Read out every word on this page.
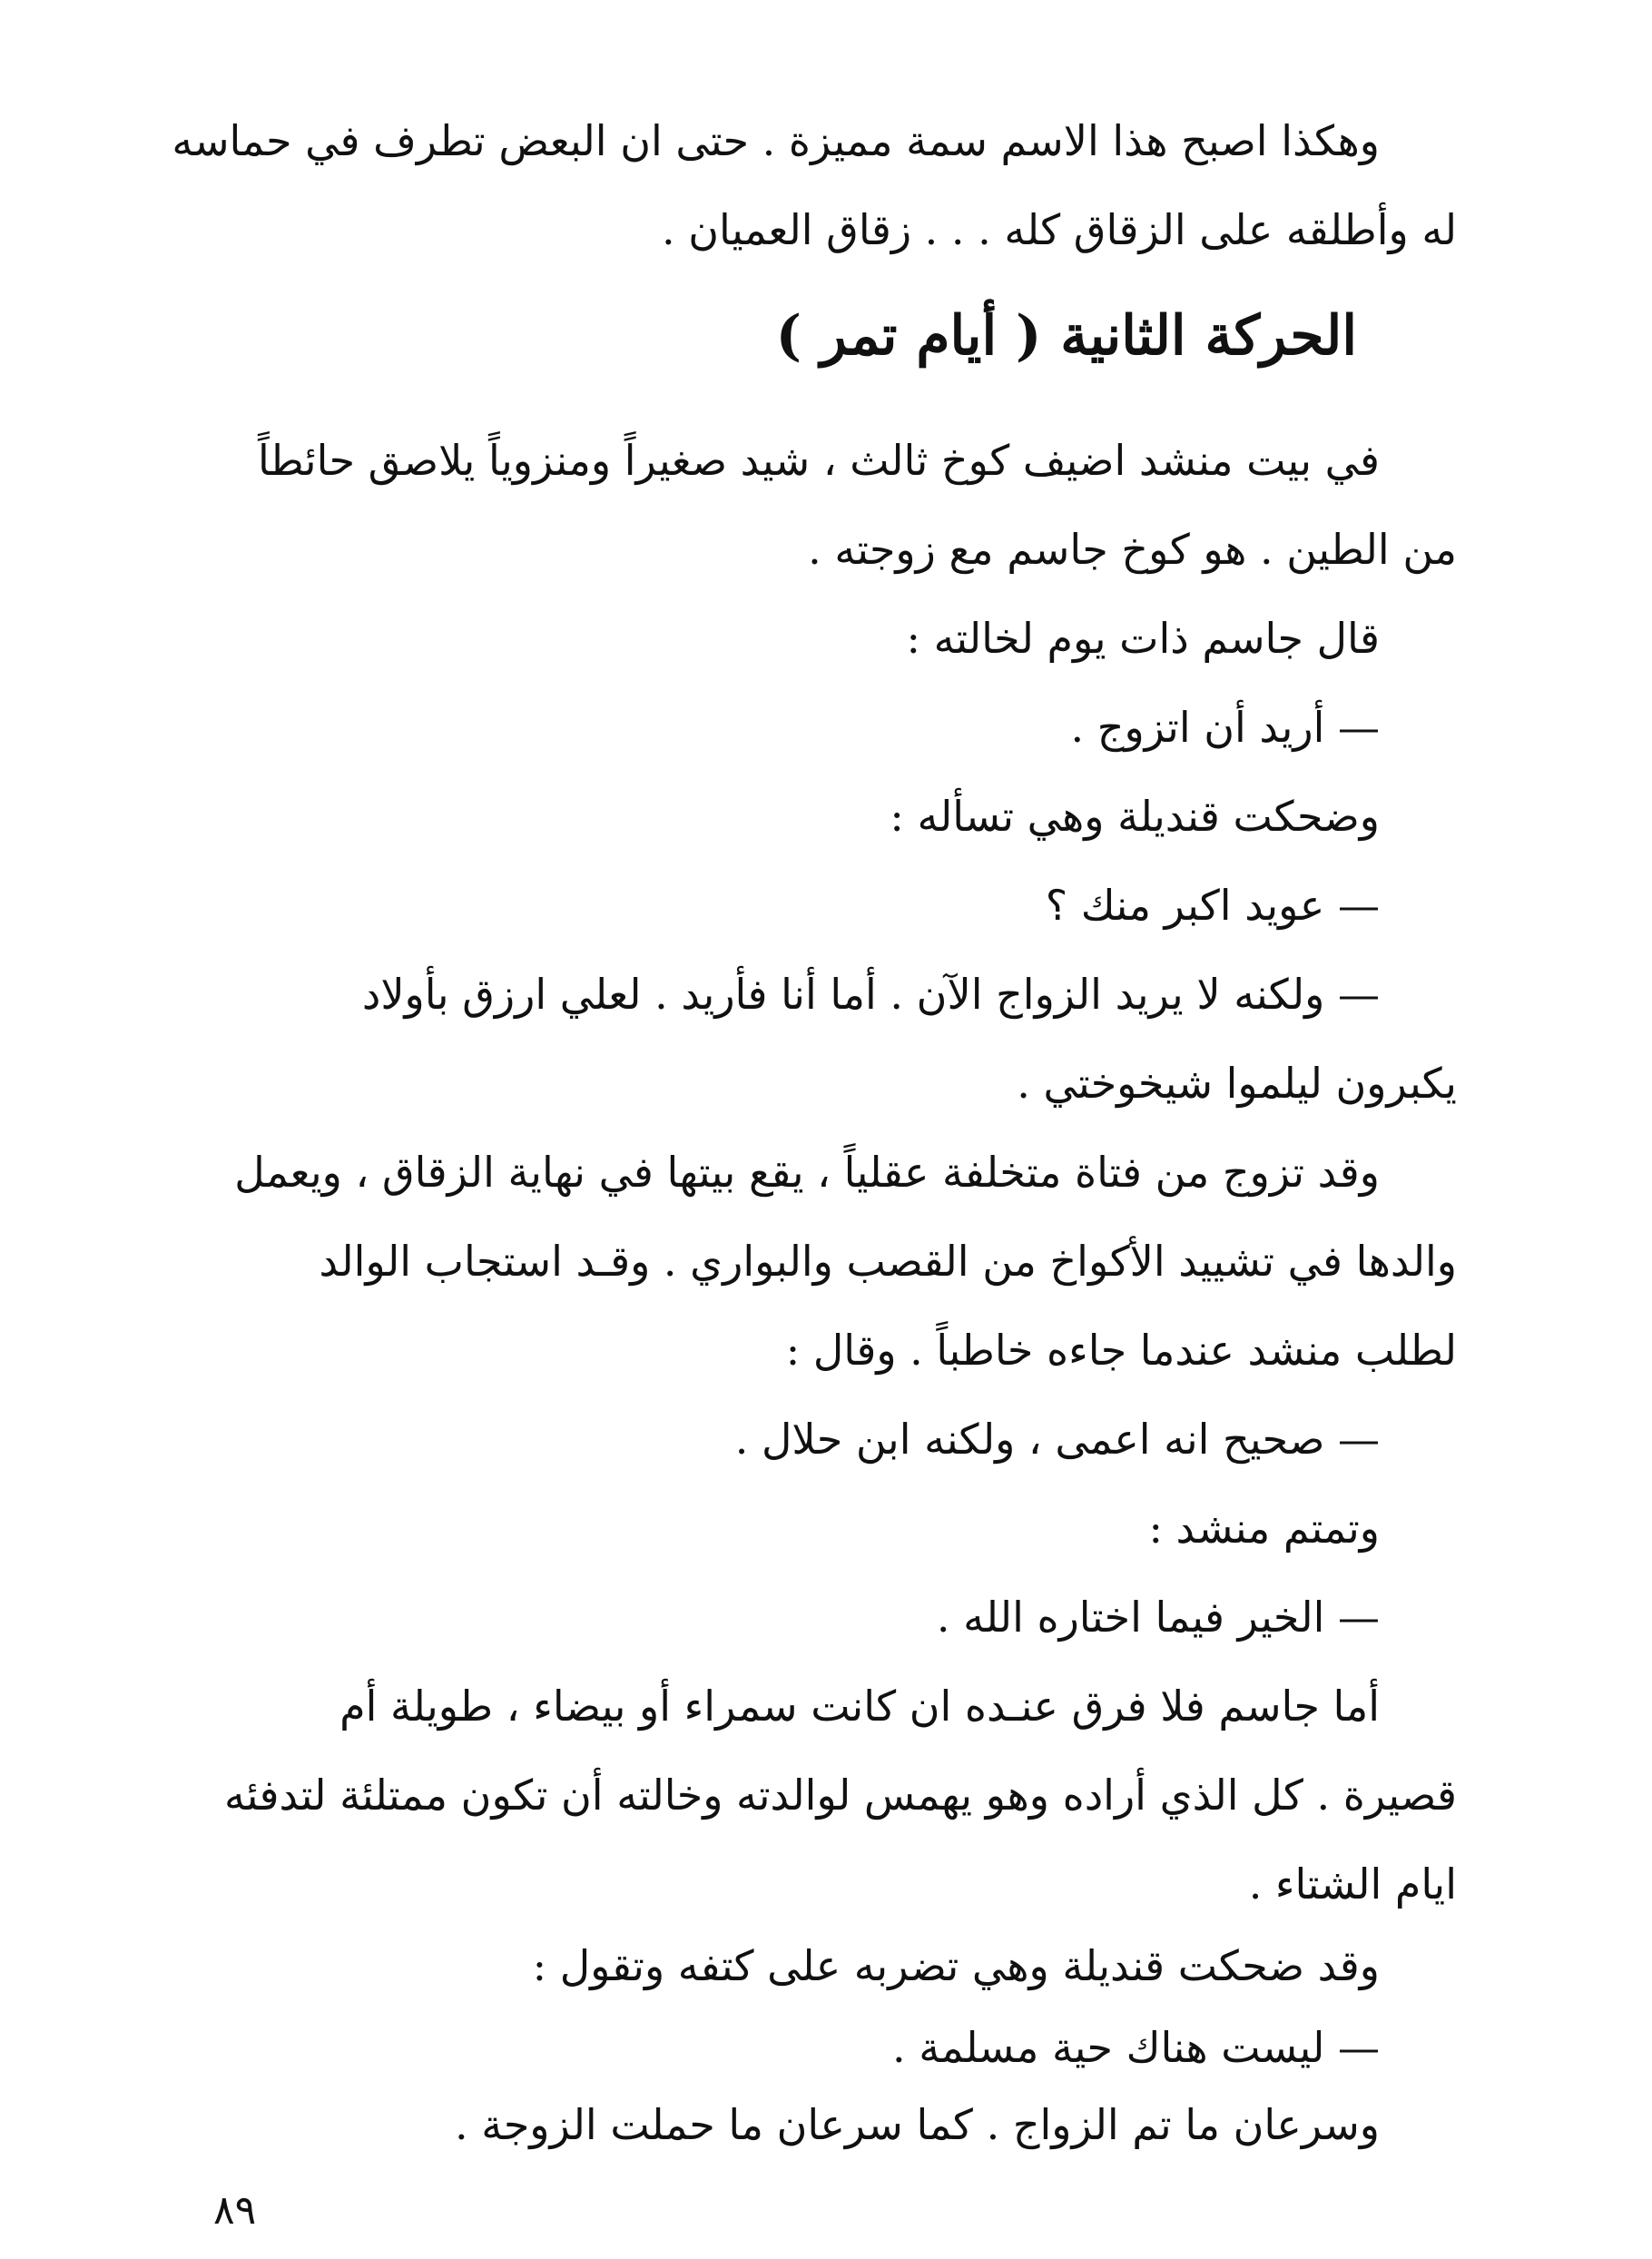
وهكذا اصبح هذا الاسم سمة مميزة . حتى ان البعض تطرف في حماسه
له وأطلقه على الزقاق كله . . . زقاق العميان .
الحركة الثانية ( أيام تمر )
في بيت منشد اضيف كوخ ثالث ، شيد صغيراً ومنزوياً يلاصق حائطاً
من الطين . هو كوخ جاسم مع زوجته .
قال جاسم ذات يوم لخالته :
— أريد أن اتزوج .
وضحكت قنديلة وهي تسأله :
— عويد اكبر منك ؟
— ولكنه لا يريد الزواج الآن . أما أنا فأريد . لعلي ارزق بأولاد
يكبرون ليلموا شيخوختي .
وقد تزوج من فتاة متخلفة عقلياً ، يقع بيتها في نهاية الزقاق ، ويعمل
والدها في تشييد الأكواخ من القصب والبواري . وقـد استجاب الوالد
لطلب منشد عندما جاءه خاطباً . وقال :
— صحيح انه اعمى ، ولكنه ابن حلال .
وتمتم منشد :
— الخير فيما اختاره الله .
أما جاسم فلا فرق عنـده ان كانت سمراء أو بيضاء ، طويلة أم
قصيرة . كل الذي أراده وهو يهمس لوالدته وخالته أن تكون ممتلئة لتدفئه
ايام الشتاء .
وقد ضحكت قنديلة وهي تضربه على كتفه وتقول :
— ليست هناك حية مسلمة .
وسرعان ما تم الزواج . كما سرعان ما حملت الزوجة .
٨٩
